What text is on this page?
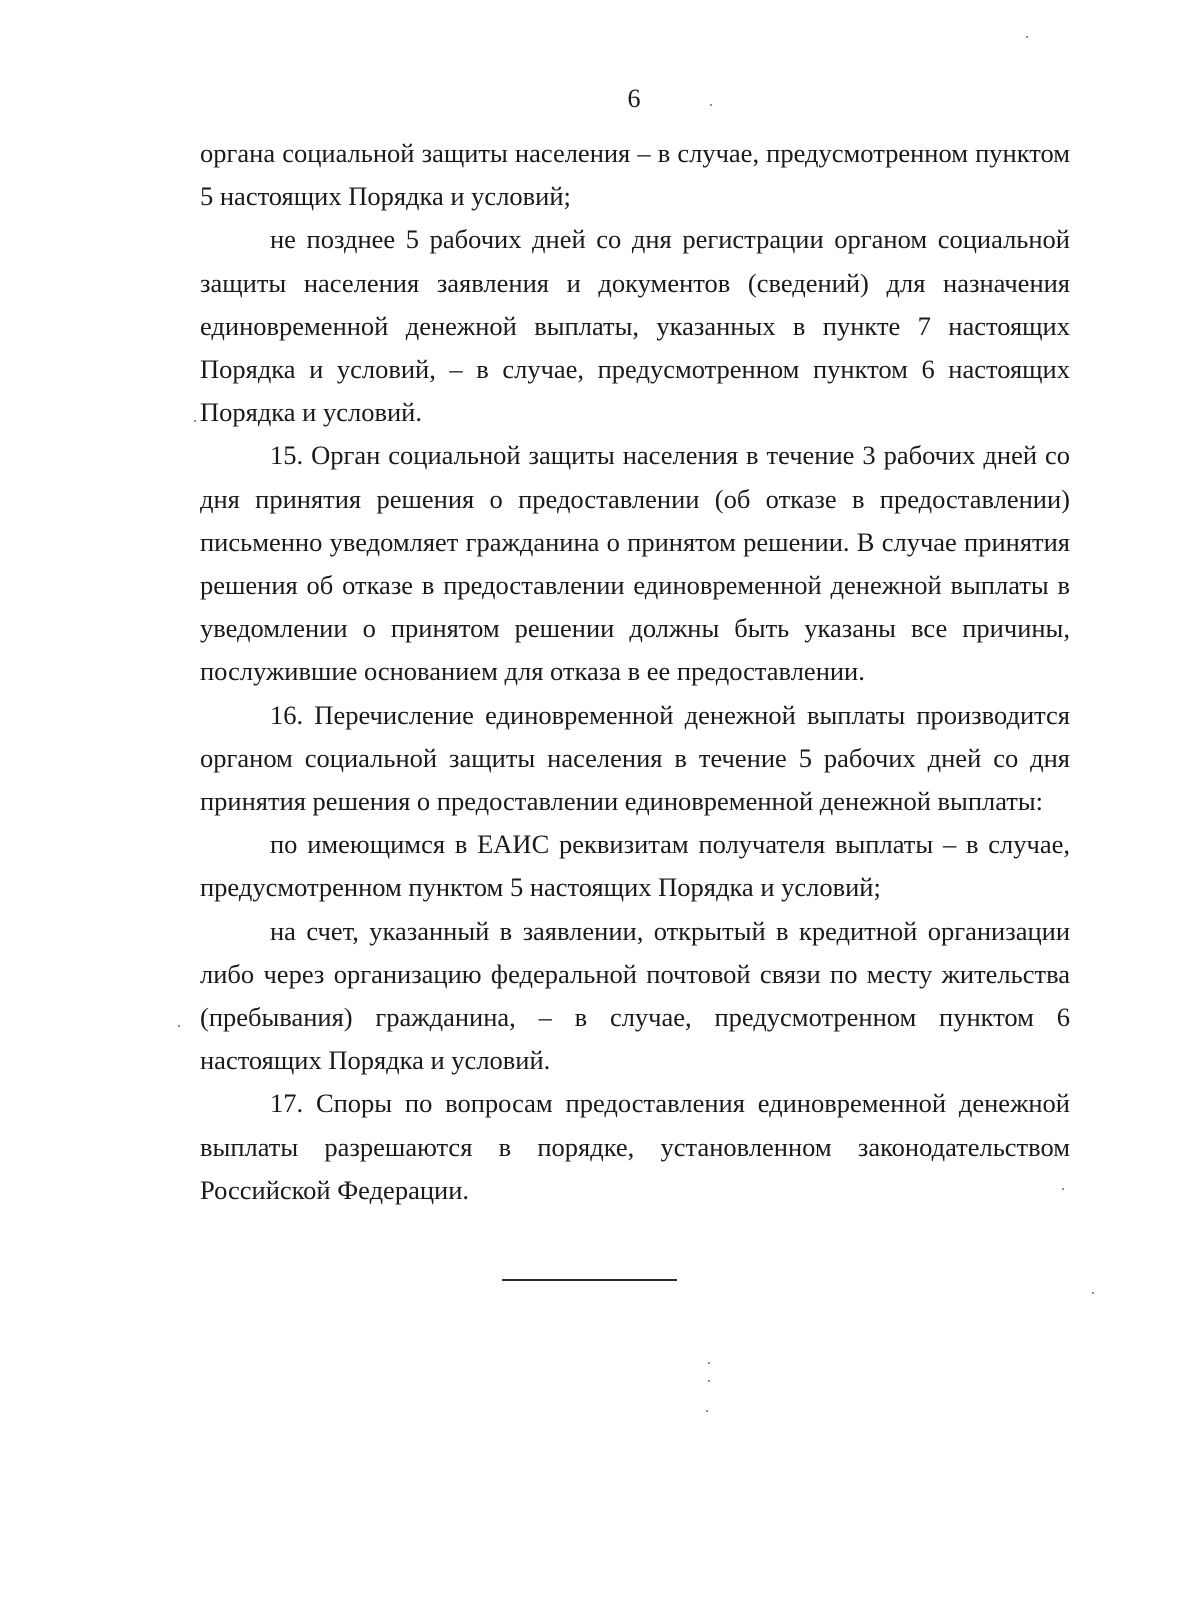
6

органа социальной защиты населения – в случае, предусмотренном пунктом 5 настоящих Порядка и условий;

не позднее 5 рабочих дней со дня регистрации органом социальной защиты населения заявления и документов (сведений) для назначения единовременной денежной выплаты, указанных в пункте 7 настоящих Порядка и условий, – в случае, предусмотренном пунктом 6 настоящих Порядка и условий.

15. Орган социальной защиты населения в течение 3 рабочих дней со дня принятия решения о предоставлении (об отказе в предоставлении) письменно уведомляет гражданина о принятом решении. В случае принятия решения об отказе в предоставлении единовременной денежной выплаты в уведомлении о принятом решении должны быть указаны все причины, послужившие основанием для отказа в ее предоставлении.

16. Перечисление единовременной денежной выплаты производится органом социальной защиты населения в течение 5 рабочих дней со дня принятия решения о предоставлении единовременной денежной выплаты:

по имеющимся в ЕАИС реквизитам получателя выплаты – в случае, предусмотренном пунктом 5 настоящих Порядка и условий;

на счет, указанный в заявлении, открытый в кредитной организации либо через организацию федеральной почтовой связи по месту жительства (пребывания) гражданина, – в случае, предусмотренном пунктом 6 настоящих Порядка и условий.

17. Споры по вопросам предоставления единовременной денежной выплаты разрешаются в порядке, установленном законодательством Российской Федерации.
